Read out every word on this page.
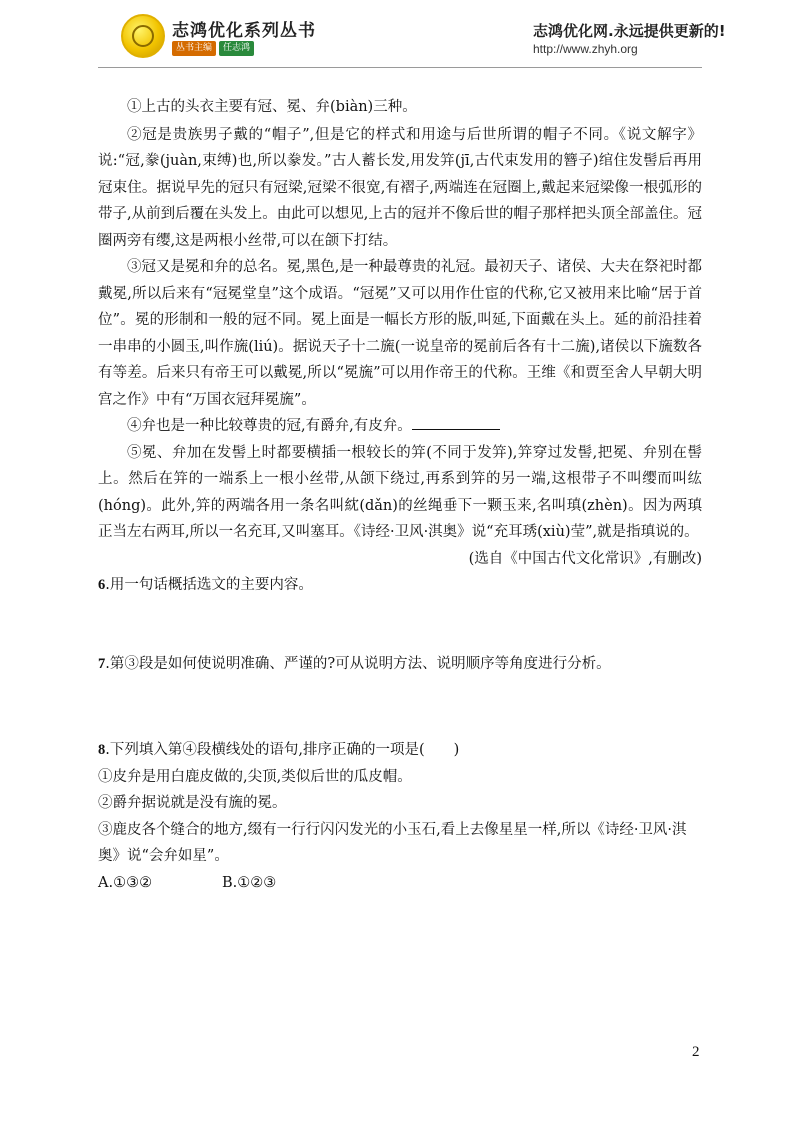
志鸿优化系列丛书
丛书主编	任志鸿
志鸿优化网.永远提供更新的!
http://www.zhyh.org

①上古的头衣主要有冠、冕、弁(biàn)三种。

②冠是贵族男子戴的“帽子”,但是它的样式和用途与后世所谓的帽子不同。《说文解字》说:“冠,豢(juàn,束缚)也,所以豢发。”古人蓄长发,用发笄(jī,古代束发用的簪子)绾住发髻后再用冠束住。据说早先的冠只有冠梁,冠梁不很宽,有褶子,两端连在冠圈上,戴起来冠梁像一根弧形的带子,从前到后覆在头发上。由此可以想见,上古的冠并不像后世的帽子那样把头顶全部盖住。冠圈两旁有缨,这是两根小丝带,可以在颌下打结。

③冠又是冕和弁的总名。冕,黑色,是一种最尊贵的礼冠。最初天子、诸侯、大夫在祭祀时都戴冕,所以后来有“冠冕堂皇”这个成语。“冠冕”又可以用作仕宦的代称,它又被用来比喻“居于首位”。冕的形制和一般的冠不同。冕上面是一幅长方形的版,叫延,下面戴在头上。延的前沿挂着一串串的小圆玉,叫作旒(liú)。据说天子十二旒(一说皇帝的冕前后各有十二旒),诸侯以下旒数各有等差。后来只有帝王可以戴冕,所以“冕旒”可以用作帝王的代称。王维《和贾至舍人早朝大明宫之作》中有“万国衣冠拜冕旒”。

④弁也是一种比较尊贵的冠,有爵弁,有皮弁。

⑤冕、弁加在发髻上时都要横插一根较长的笄(不同于发笄),笄穿过发髻,把冕、弁别在髻上。然后在笄的一端系上一根小丝带,从颌下绕过,再系到笄的另一端,这根带子不叫缨而叫纮(hóng)。此外,笄的两端各用一条名叫紞(dǎn)的丝绳垂下一颗玉来,名叫瑱(zhèn)。因为两瑱正当左右两耳,所以一名充耳,又叫塞耳。《诗经·卫风·淇奥》说“充耳琇(xiù)莹”,就是指瑱说的。

(选自《中国古代文化常识》,有删改)

6.用一句话概括选文的主要内容。

7.第③段是如何使说明准确、严谨的?可从说明方法、说明顺序等角度进行分析。

8.下列填入第④段横线处的语句,排序正确的一项是(　　)

①皮弁是用白鹿皮做的,尖顶,类似后世的瓜皮帽。

②爵弁据说就是没有旒的冕。

③鹿皮各个缝合的地方,缀有一行行闪闪发光的小玉石,看上去像星星一样,所以《诗经·卫风·淇奥》说“会弁如星”。

A.①③②	B.①②③

2
